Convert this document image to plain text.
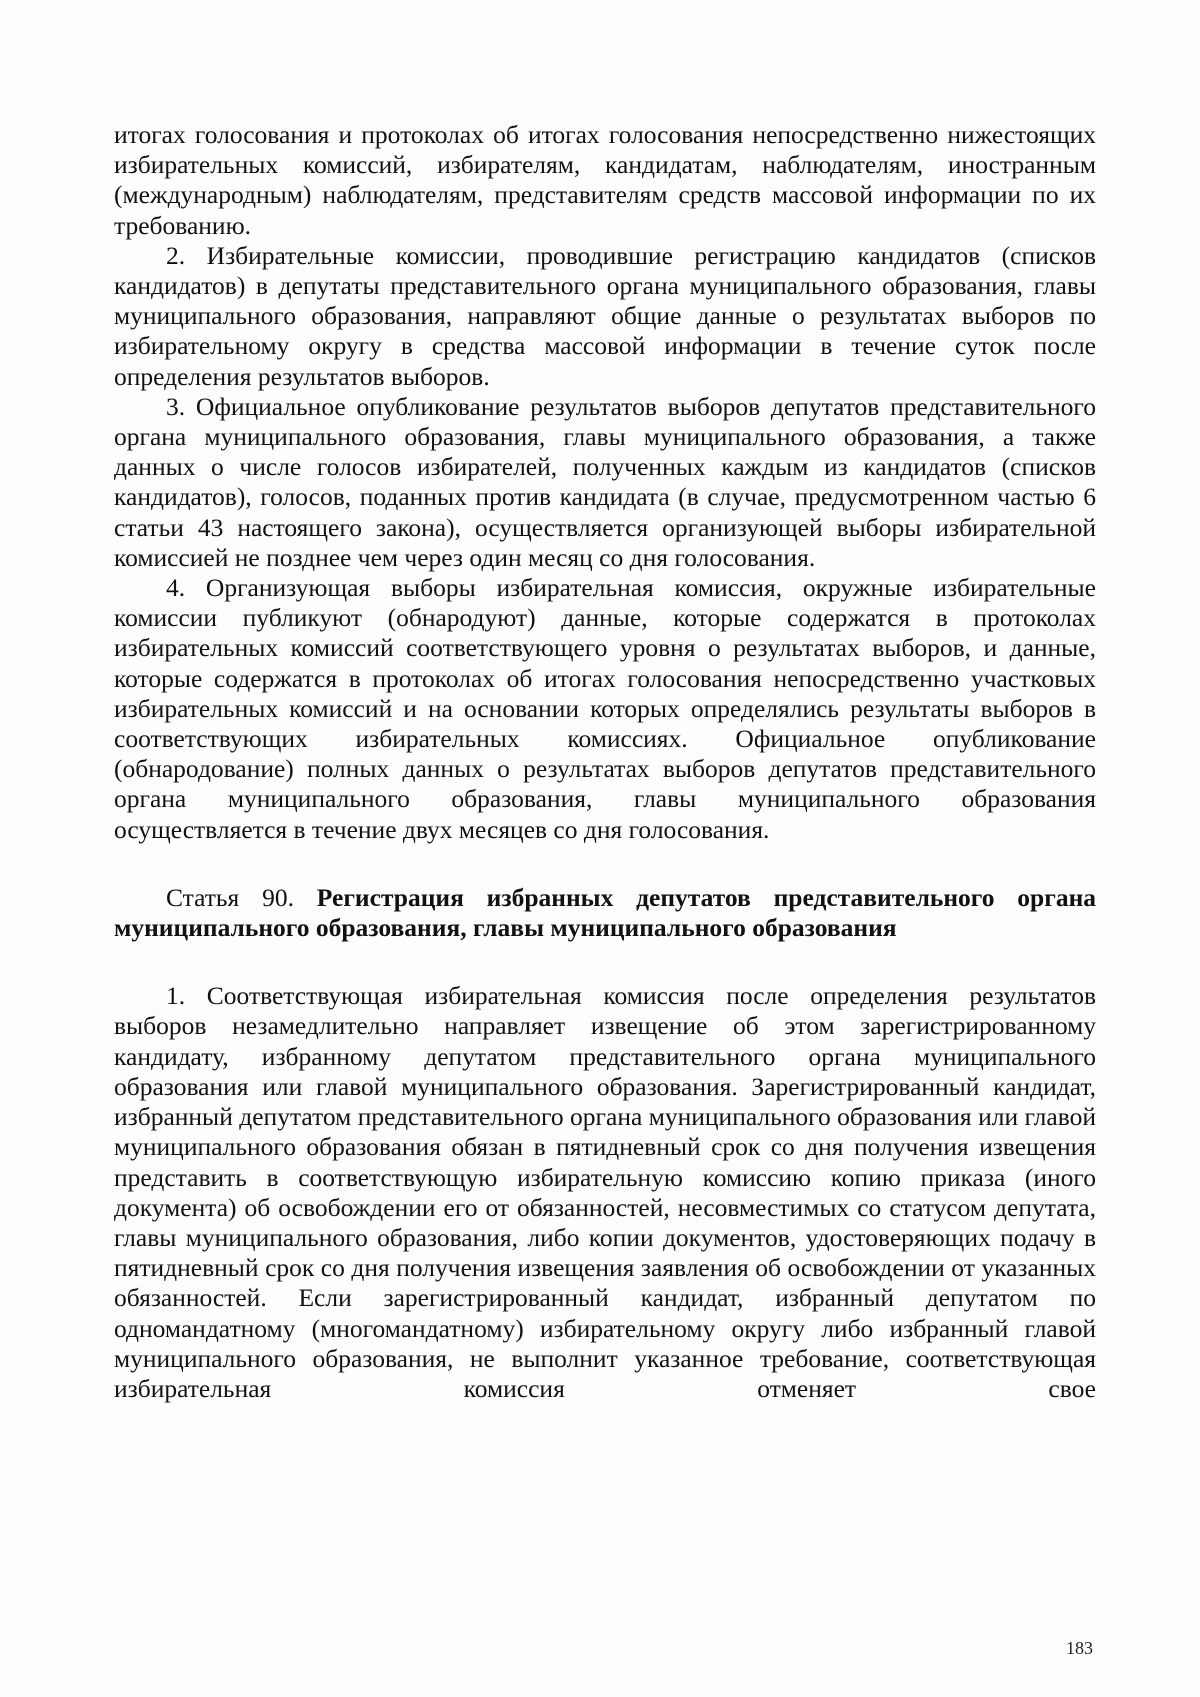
итогах голосования и протоколах об итогах голосования непосредственно нижестоящих избирательных комиссий, избирателям, кандидатам, наблюдателям, иностранным (международным) наблюдателям, представителям средств массовой информации по их требованию.

2. Избирательные комиссии, проводившие регистрацию кандидатов (списков кандидатов) в депутаты представительного органа муниципального образования, главы муниципального образования, направляют общие данные о результатах выборов по избирательному округу в средства массовой информации в течение суток после определения результатов выборов.

3. Официальное опубликование результатов выборов депутатов представительного органа муниципального образования, главы муниципального образования, а также данных о числе голосов избирателей, полученных каждым из кандидатов (списков кандидатов), голосов, поданных против кандидата (в случае, предусмотренном частью 6 статьи 43 настоящего закона), осуществляется организующей выборы избирательной комиссией не позднее чем через один месяц со дня голосования.

4. Организующая выборы избирательная комиссия, окружные избирательные комиссии публикуют (обнародуют) данные, которые содержатся в протоколах избирательных комиссий соответствующего уровня о результатах выборов, и данные, которые содержатся в протоколах об итогах голосования непосредственно участковых избирательных комиссий и на основании которых определялись результаты выборов в соответствующих избирательных комиссиях. Официальное опубликование (обнародование) полных данных о результатах выборов депутатов представительного органа муниципального образования, главы муниципального образования осуществляется в течение двух месяцев со дня голосования.

Статья 90. Регистрация избранных депутатов представительного органа муниципального образования, главы муниципального образования

1. Соответствующая избирательная комиссия после определения результатов выборов незамедлительно направляет извещение об этом зарегистрированному кандидату, избранному депутатом представительного органа муниципального образования или главой муниципального образования. Зарегистрированный кандидат, избранный депутатом представительного органа муниципального образования или главой муниципального образования обязан в пятидневный срок со дня получения извещения представить в соответствующую избирательную комиссию копию приказа (иного документа) об освобождении его от обязанностей, несовместимых со статусом депутата, главы муниципального образования, либо копии документов, удостоверяющих подачу в пятидневный срок со дня получения извещения заявления об освобождении от указанных обязанностей. Если зарегистрированный кандидат, избранный депутатом по одномандатному (многомандатному) избирательному округу либо избранный главой муниципального образования, не выполнит указанное требование, соответствующая избирательная комиссия отменяет свое

183
